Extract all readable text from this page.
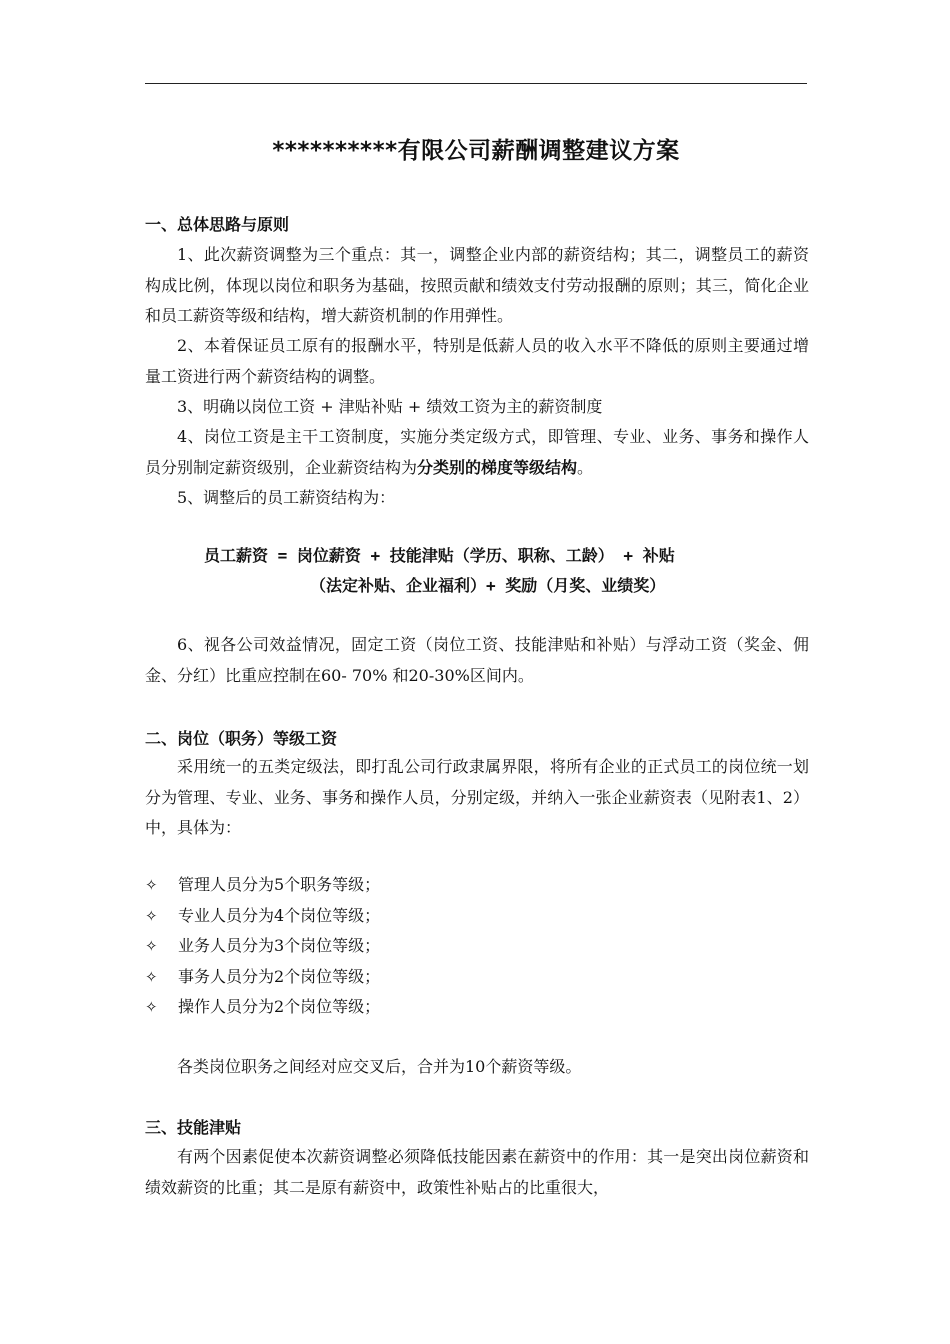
**********有限公司薪酬调整建议方案
一、总体思路与原则
1、此次薪资调整为三个重点：其一，调整企业内部的薪资结构；其二，调整员工的薪资构成比例，体现以岗位和职务为基础，按照贡献和绩效支付劳动报酬的原则；其三，简化企业和员工薪资等级和结构，增大薪资机制的作用弹性。
2、本着保证员工原有的报酬水平，特别是低薪人员的收入水平不降低的原则主要通过增量工资进行两个薪资结构的调整。
3、明确以岗位工资 + 津贴补贴 + 绩效工资为主的薪资制度
4、岗位工资是主干工资制度，实施分类定级方式，即管理、专业、业务、事务和操作人员分别制定薪资级别，企业薪资结构为分类别的梯度等级结构。
5、调整后的员工薪资结构为：
员工薪资 = 岗位薪资 + 技能津贴（学历、职称、工龄） + 补贴
（法定补贴、企业福利）+ 奖励（月奖、业绩奖）
6、视各公司效益情况，固定工资（岗位工资、技能津贴和补贴）与浮动工资（奖金、佣金、分红）比重应控制在60- 70% 和20-30%区间内。
二、岗位（职务）等级工资
采用统一的五类定级法，即打乱公司行政隶属界限，将所有企业的正式员工的岗位统一划分为管理、专业、业务、事务和操作人员，分别定级，并纳入一张企业薪资表（见附表1、2）中，具体为：
✧ 管理人员分为5个职务等级；
✧ 专业人员分为4个岗位等级；
✧ 业务人员分为3个岗位等级；
✧ 事务人员分为2个岗位等级；
✧ 操作人员分为2个岗位等级；
各类岗位职务之间经对应交叉后，合并为10个薪资等级。
三、技能津贴
有两个因素促使本次薪资调整必须降低技能因素在薪资中的作用：其一是突出岗位薪资和绩效薪资的比重；其二是原有薪资中，政策性补贴占的比重很大，
